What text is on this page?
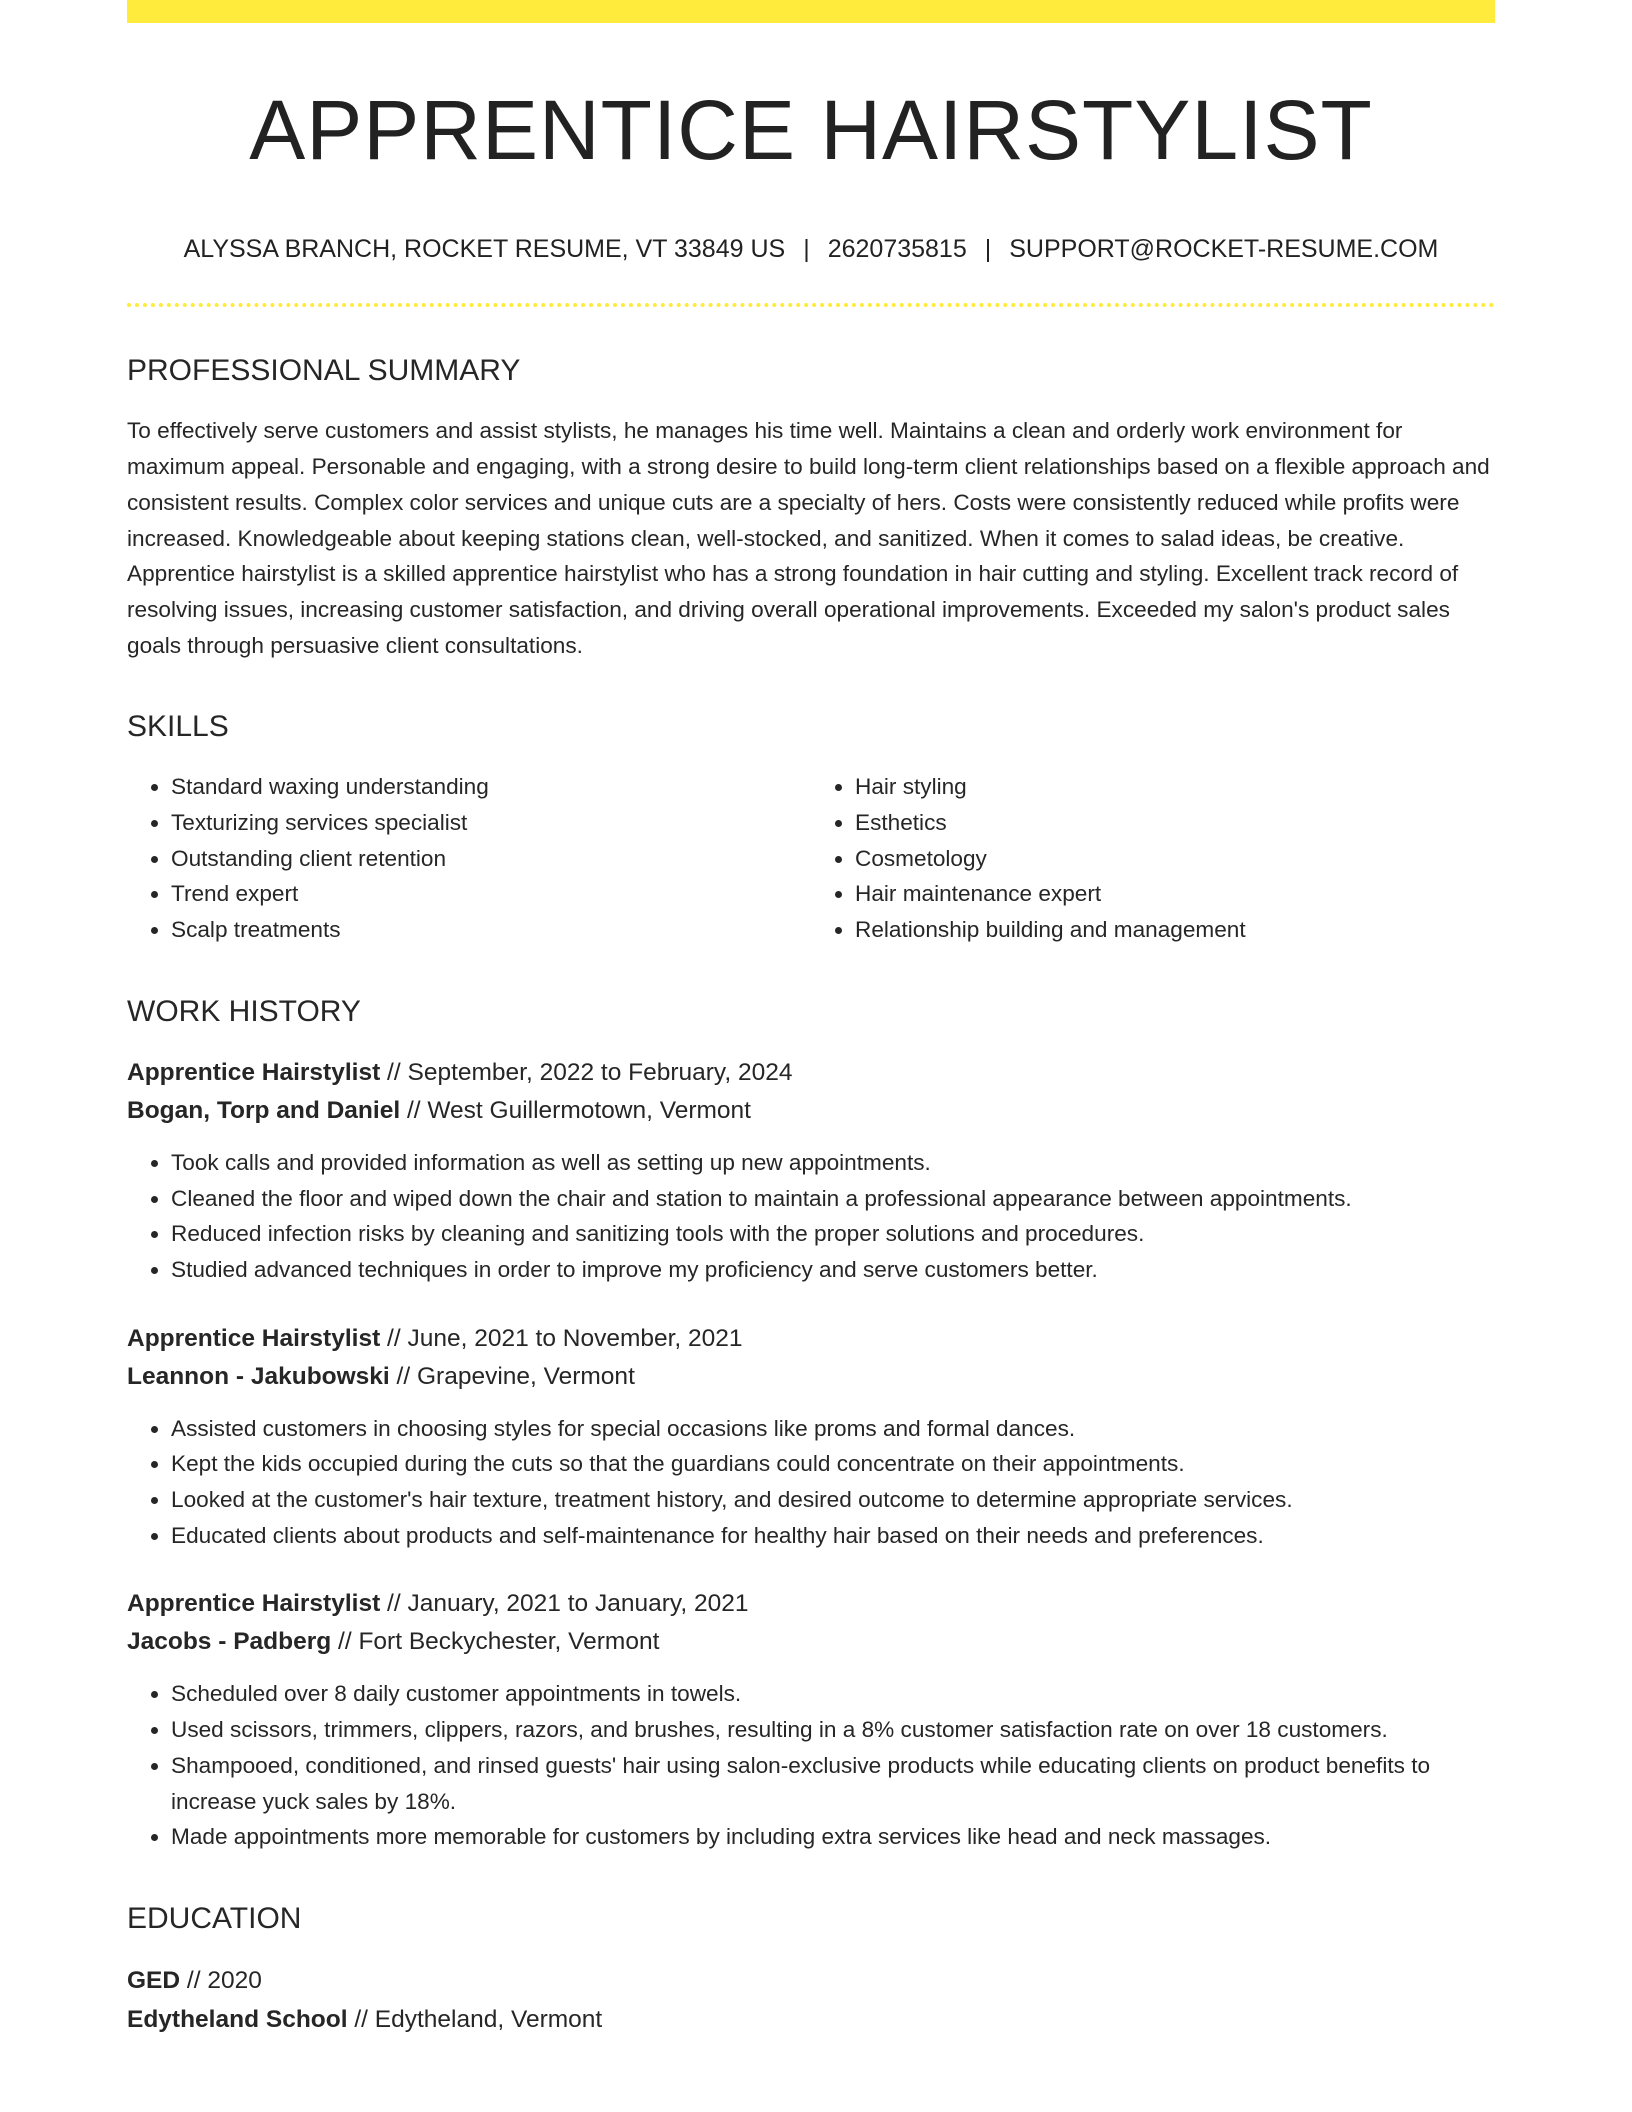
APPRENTICE HAIRSTYLIST
ALYSSA BRANCH, ROCKET RESUME, VT 33849 US | 2620735815 | SUPPORT@ROCKET-RESUME.COM
PROFESSIONAL SUMMARY

To effectively serve customers and assist stylists, he manages his time well. Maintains a clean and orderly work environment for maximum appeal. Personable and engaging, with a strong desire to build long-term client relationships based on a flexible approach and consistent results. Complex color services and unique cuts are a specialty of hers. Costs were consistently reduced while profits were increased. Knowledgeable about keeping stations clean, well-stocked, and sanitized. When it comes to salad ideas, be creative. Apprentice hairstylist is a skilled apprentice hairstylist who has a strong foundation in hair cutting and styling. Excellent track record of resolving issues, increasing customer satisfaction, and driving overall operational improvements. Exceeded my salon's product sales goals through persuasive client consultations.

SKILLS
• Standard waxing understanding
• Texturizing services specialist
• Outstanding client retention
• Trend expert
• Scalp treatments
• Hair styling
• Esthetics
• Cosmetology
• Hair maintenance expert
• Relationship building and management
WORK HISTORY
Apprentice Hairstylist // September, 2022 to February, 2024
Bogan, Torp and Daniel // West Guillermotown, Vermont
• Took calls and provided information as well as setting up new appointments.
• Cleaned the floor and wiped down the chair and station to maintain a professional appearance between appointments.
• Reduced infection risks by cleaning and sanitizing tools with the proper solutions and procedures.
• Studied advanced techniques in order to improve my proficiency and serve customers better.
Apprentice Hairstylist // June, 2021 to November, 2021
Leannon - Jakubowski // Grapevine, Vermont
• Assisted customers in choosing styles for special occasions like proms and formal dances.
• Kept the kids occupied during the cuts so that the guardians could concentrate on their appointments.
• Looked at the customer's hair texture, treatment history, and desired outcome to determine appropriate services.
• Educated clients about products and self-maintenance for healthy hair based on their needs and preferences.
Apprentice Hairstylist // January, 2021 to January, 2021
Jacobs - Padberg // Fort Beckychester, Vermont
• Scheduled over 8 daily customer appointments in towels.
• Used scissors, trimmers, clippers, razors, and brushes, resulting in a 8% customer satisfaction rate on over 18 customers.
• Shampooed, conditioned, and rinsed guests' hair using salon-exclusive products while educating clients on product benefits to increase yuck sales by 18%.
• Made appointments more memorable for customers by including extra services like head and neck massages.
EDUCATION
GED // 2020
Edytheland School // Edytheland, Vermont
